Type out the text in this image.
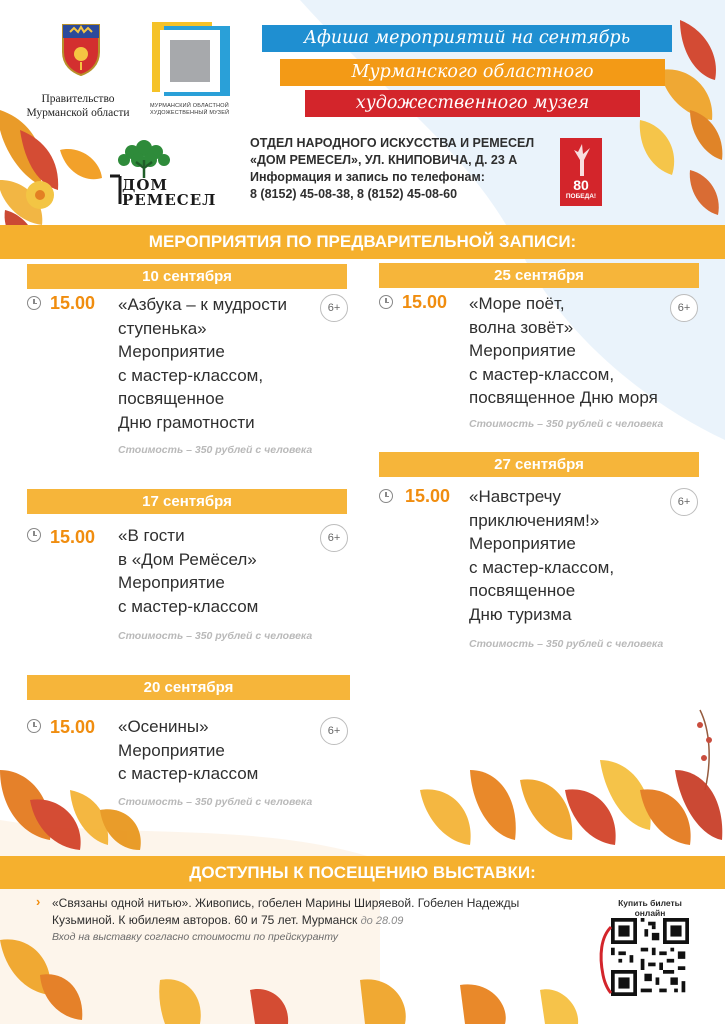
Правительство
Мурманской области
МУРМАНСКИЙ ОБЛАСТНОЙ
ХУДОЖЕСТВЕННЫЙ МУЗЕЙ
Афиша мероприятий на сентябрь
Мурманского областного
художественного музея
ДОМ
РЕМЕСЕЛ
ОТДЕЛ НАРОДНОГО ИСКУССТВА И РЕМЕСЕЛ
«ДОМ РЕМЕСЕЛ», УЛ. КНИПОВИЧА, Д. 23 А
Информация и запись по телефонам:
8 (8152) 45-08-38, 8 (8152) 45-08-60
80
ПОБЕДА!
МЕРОПРИЯТИЯ ПО ПРЕДВАРИТЕЛЬНОЙ ЗАПИСИ:
10 сентября
15.00 «Азбука – к мудрости
ступенька»
Мероприятие
с мастер-классом,
посвященное
Дню грамотности
6+
Стоимость – 350 рублей с человека
17 сентября
15.00 «В гости
в «Дом Ремёсел»
Мероприятие
с мастер-классом
6+
Стоимость – 350 рублей с человека
20 сентября
15.00 «Осенины»
Мероприятие
с мастер-классом
6+
Стоимость – 350 рублей с человека
25 сентября
15.00 «Море поёт,
волна зовёт»
Мероприятие
с мастер-классом,
посвященное Дню моря
6+
Стоимость – 350 рублей с человека
27 сентября
15.00 «Навстречу
приключениям!»
Мероприятие
с мастер-классом,
посвященное
Дню туризма
6+
Стоимость – 350 рублей с человека
ДОСТУПНЫ К ПОСЕЩЕНИЮ ВЫСТАВКИ:
› «Связаны одной нитью». Живопись, гобелен Марины Ширяевой. Гобелен Надежды
Кузьминой. К юбилеям авторов. 60 и 75 лет. Мурманск до 28.09
Вход на выставку согласно стоимости по прейскуранту
Купить билеты
онлайн
